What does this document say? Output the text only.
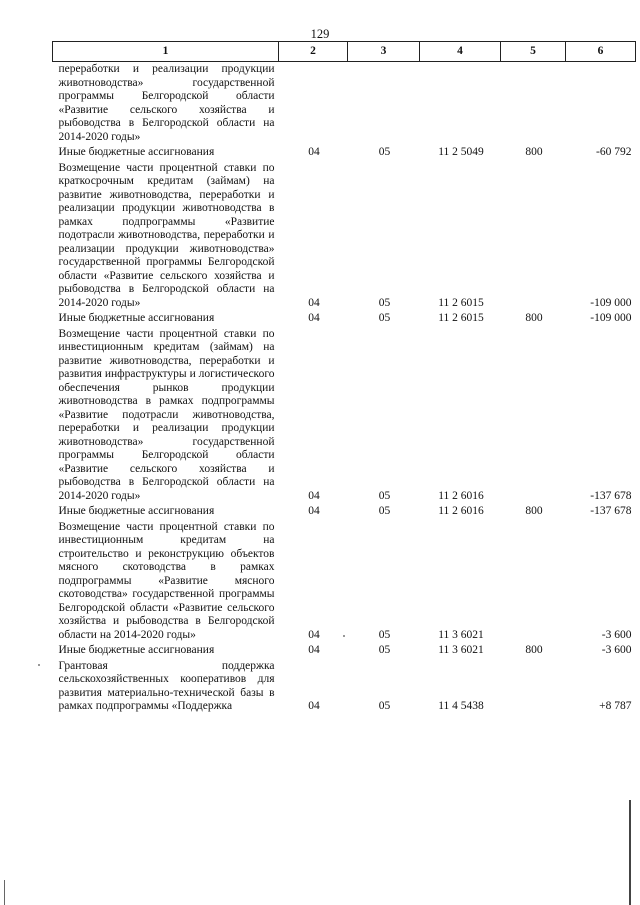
129
1	2	3	4	5	6
переработки и реализации продукции животноводства» государственной программы Белгородской области «Развитие сельского хозяйства и рыбоводства в Белгородской области на 2014-2020 годы»					
Иные бюджетные ассигнования	04	05	11 2 5049	800	-60 792
Возмещение части процентной ставки по краткосрочным кредитам (займам) на развитие животноводства, переработки и реализации продукции животноводства в рамках подпрограммы «Развитие подотрасли животноводства, переработки и реализации продукции животноводства» государственной программы Белгородской области «Развитие сельского хозяйства и рыбоводства в Белгородской области на 2014-2020 годы»	04	05	11 2 6015		-109 000
Иные бюджетные ассигнования	04	05	11 2 6015	800	-109 000
Возмещение части процентной ставки по инвестиционным кредитам (займам) на развитие животноводства, переработки и развития инфраструктуры и логистического обеспечения рынков продукции животноводства в рамках подпрограммы «Развитие подотрасли животноводства, переработки и реализации продукции животноводства» государственной программы Белгородской области «Развитие сельского хозяйства и рыбоводства в Белгородской области на 2014-2020 годы»	04	05	11 2 6016		-137 678
Иные бюджетные ассигнования	04	05	11 2 6016	800	-137 678
Возмещение части процентной ставки по инвестиционным кредитам на строительство и реконструкцию объектов мясного скотоводства в рамках подпрограммы «Развитие мясного скотоводства» государственной программы Белгородской области «Развитие сельского хозяйства и рыбоводства в Белгородской области на 2014-2020 годы»	04	05	11 3 6021		-3 600
Иные бюджетные ассигнования	04	05	11 3 6021	800	-3 600
Грантовая поддержка сельскохозяйственных кооперативов для развития материально-технической базы в рамках подпрограммы «Поддержка	04	05	11 4 5438		+8 787
